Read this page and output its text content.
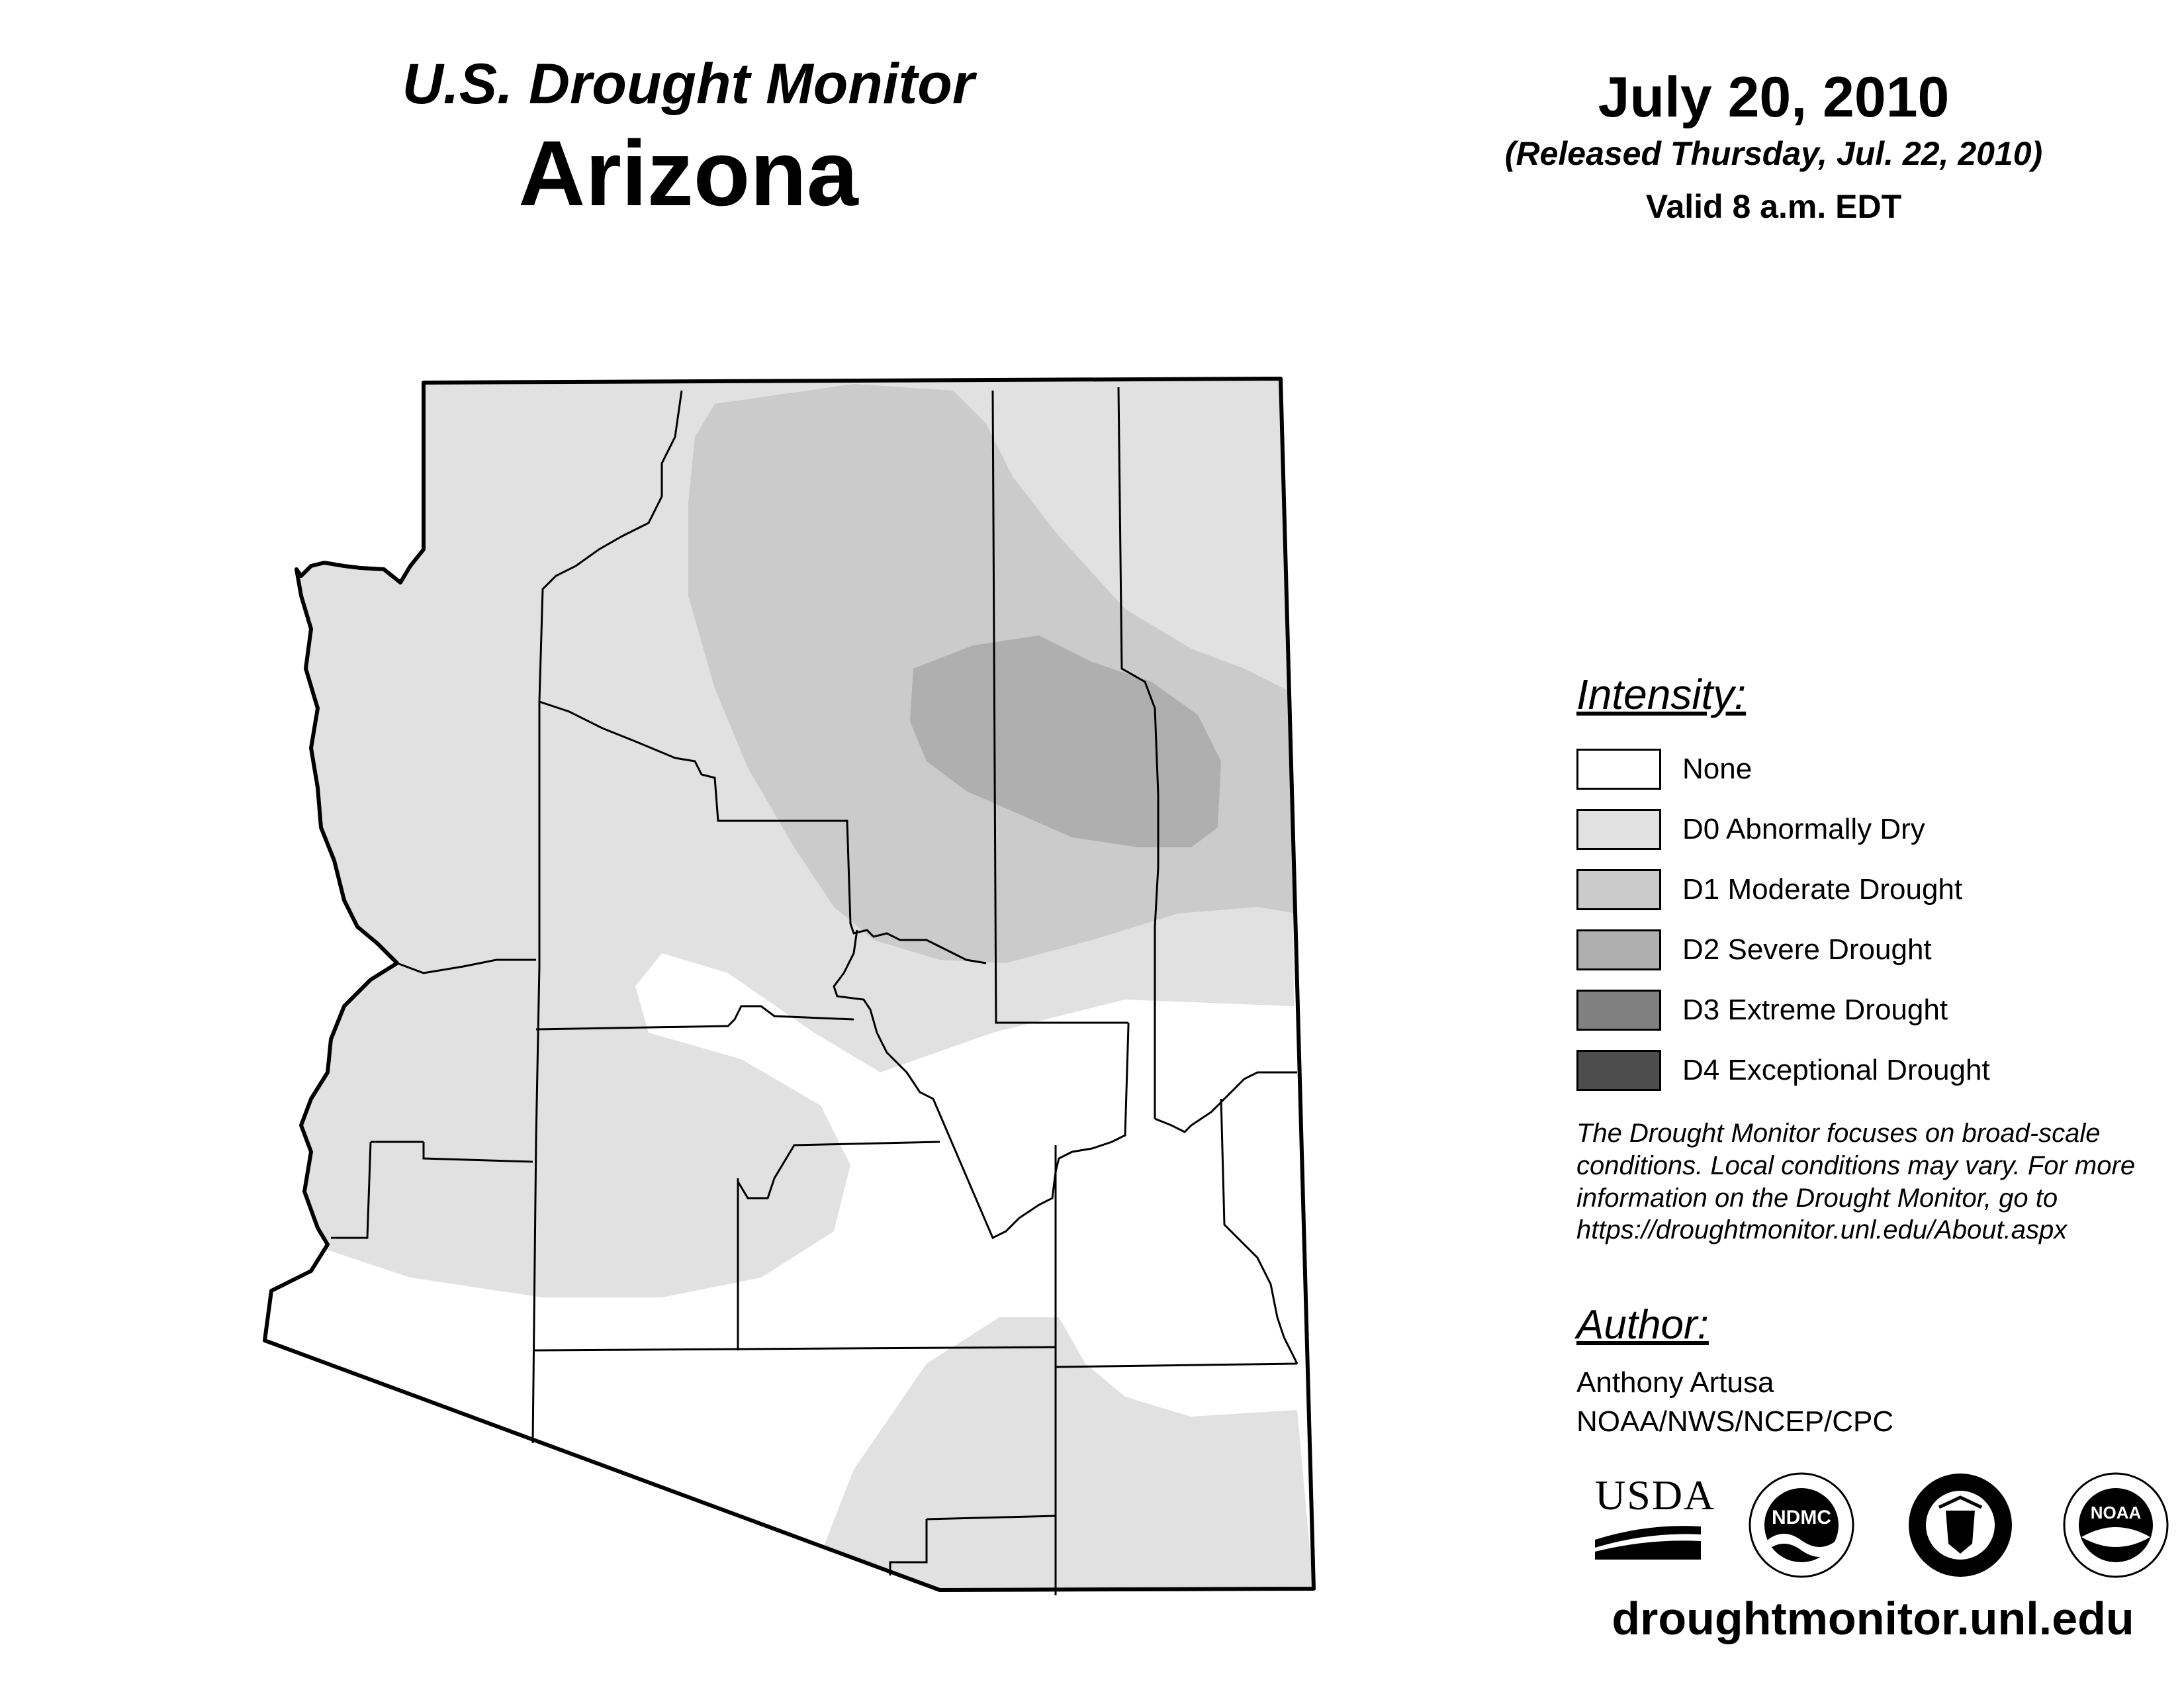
U.S. Drought Monitor
Arizona
July 20, 2010
(Released Thursday, Jul. 22, 2010)
Valid 8 a.m. EDT
Intensity:
None
D0 Abnormally Dry
D1 Moderate Drought
D2 Severe Drought
D3 Extreme Drought
D4 Exceptional Drought
The Drought Monitor focuses on broad-scale
conditions. Local conditions may vary. For more
information on the Drought Monitor, go to
https://droughtmonitor.unl.edu/About.aspx
Author:
Anthony Artusa
NOAA/NWS/NCEP/CPC
USDA	NDMC	NOAA
droughtmonitor.unl.edu
